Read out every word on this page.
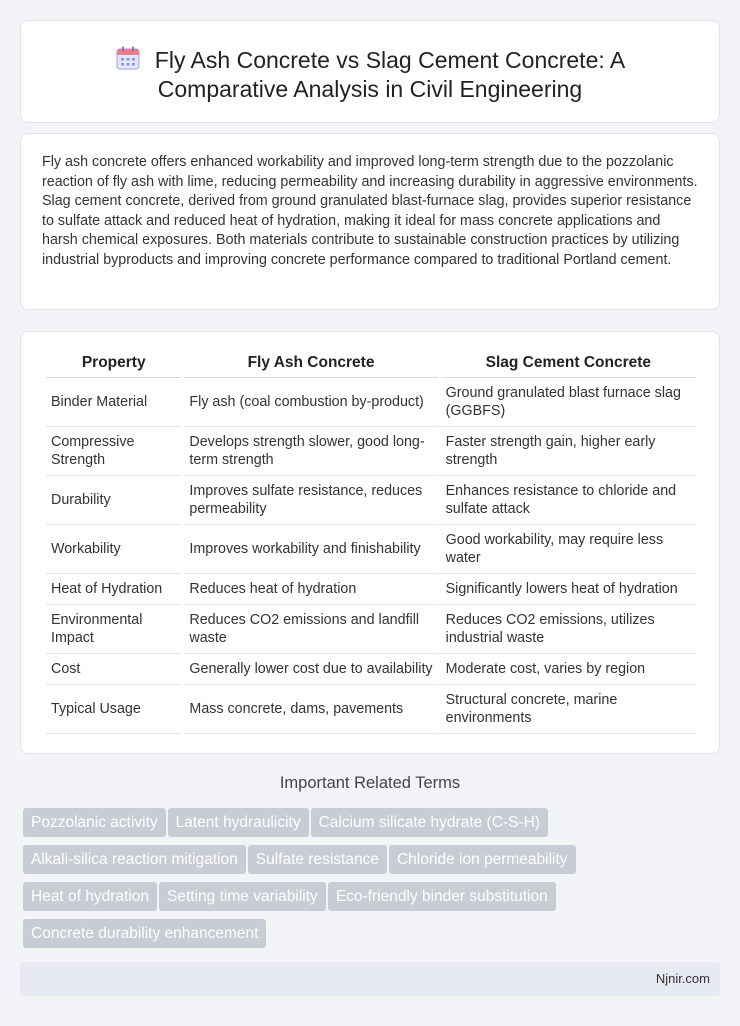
Fly Ash Concrete vs Slag Cement Concrete: A
Comparative Analysis in Civil Engineering

Fly ash concrete offers enhanced workability and improved long-term strength due to the pozzolanic reaction of fly ash with lime, reducing permeability and increasing durability in aggressive environments. Slag cement concrete, derived from ground granulated blast-furnace slag, provides superior resistance to sulfate attack and reduced heat of hydration, making it ideal for mass concrete applications and harsh chemical exposures. Both materials contribute to sustainable construction practices by utilizing industrial byproducts and improving concrete performance compared to traditional Portland cement.

Property	Fly Ash Concrete	Slag Cement Concrete
Binder Material	Fly ash (coal combustion by-product)	Ground granulated blast furnace slag (GGBFS)
Compressive Strength	Develops strength slower, good long-term strength	Faster strength gain, higher early strength
Durability	Improves sulfate resistance, reduces permeability	Enhances resistance to chloride and sulfate attack
Workability	Improves workability and finishability	Good workability, may require less water
Heat of Hydration	Reduces heat of hydration	Significantly lowers heat of hydration
Environmental Impact	Reduces CO2 emissions and landfill waste	Reduces CO2 emissions, utilizes industrial waste
Cost	Generally lower cost due to availability	Moderate cost, varies by region
Typical Usage	Mass concrete, dams, pavements	Structural concrete, marine environments
Important Related Terms
Pozzolanic activity Latent hydraulicity Calcium silicate hydrate (C-S-H)
Alkali-silica reaction mitigation Sulfate resistance Chloride ion permeability
Heat of hydration Setting time variability Eco-friendly binder substitution
Concrete durability enhancement
Njnir.com
